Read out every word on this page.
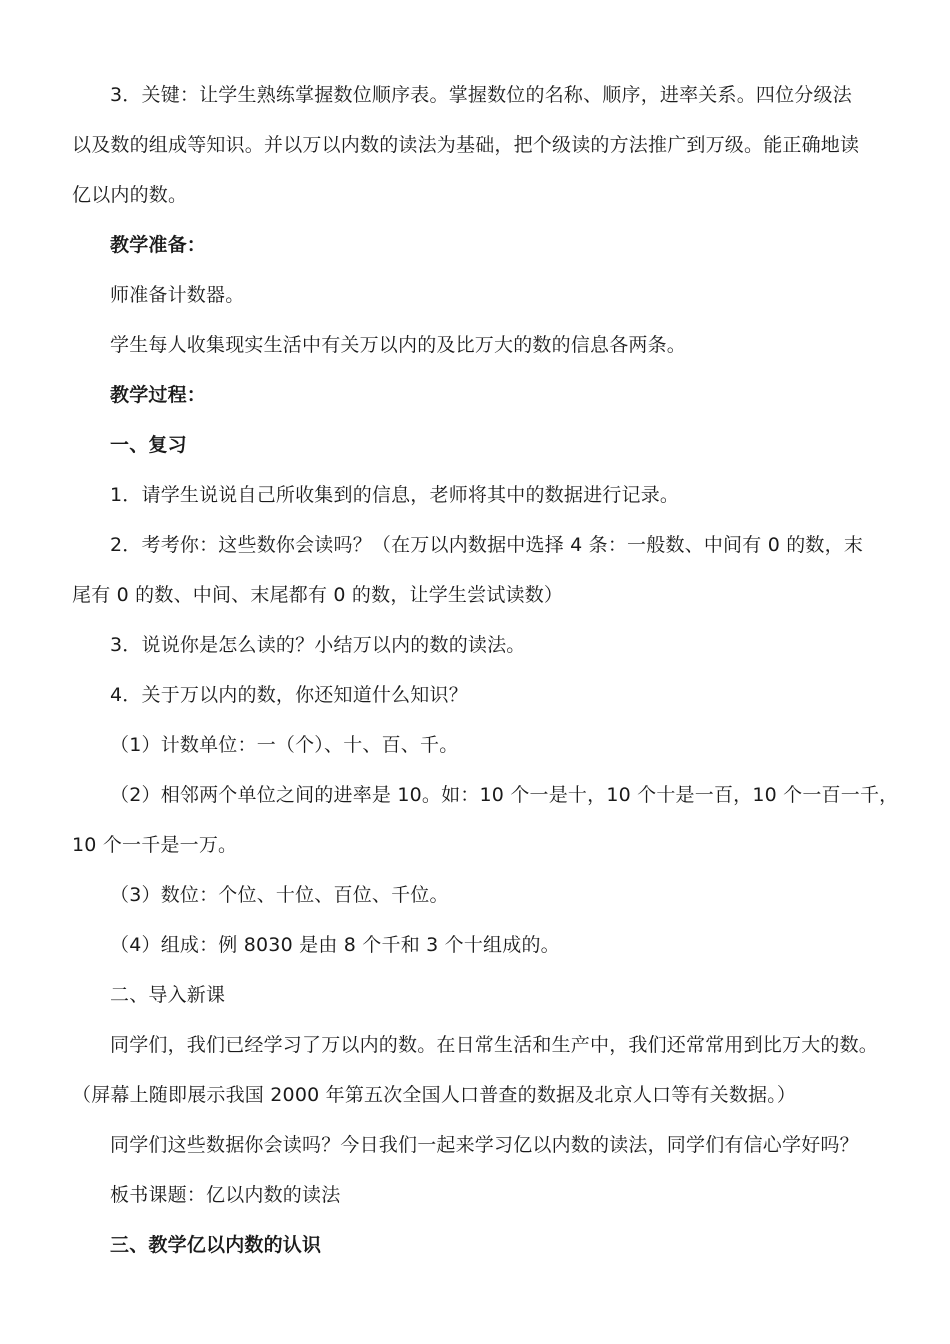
3．关键：让学生熟练掌握数位顺序表。掌握数位的名称、顺序，进率关系。四位分级法
以及数的组成等知识。并以万以内数的读法为基础，把个级读的方法推广到万级。能正确地读
亿以内的数。
教学准备：
师准备计数器。
学生每人收集现实生活中有关万以内的及比万大的数的信息各两条。
教学过程：
一、复习
1．请学生说说自己所收集到的信息，老师将其中的数据进行记录。
2．考考你：这些数你会读吗？（在万以内数据中选择 4 条：一般数、中间有 0 的数，末
尾有 0 的数、中间、末尾都有 0 的数，让学生尝试读数）
3．说说你是怎么读的？小结万以内的数的读法。
4．关于万以内的数，你还知道什么知识？
（1）计数单位：一（个）、十、百、千。
（2）相邻两个单位之间的进率是 10。如：10 个一是十，10 个十是一百，10 个一百一千，
10 个一千是一万。
（3）数位：个位、十位、百位、千位。
（4）组成：例 8030 是由 8 个千和 3 个十组成的。
二、导入新课
同学们，我们已经学习了万以内的数。在日常生活和生产中，我们还常常用到比万大的数。
（屏幕上随即展示我国 2000 年第五次全国人口普查的数据及北京人口等有关数据。）
同学们这些数据你会读吗？今日我们一起来学习亿以内数的读法，同学们有信心学好吗？
板书课题：亿以内数的读法
三、教学亿以内数的认识
